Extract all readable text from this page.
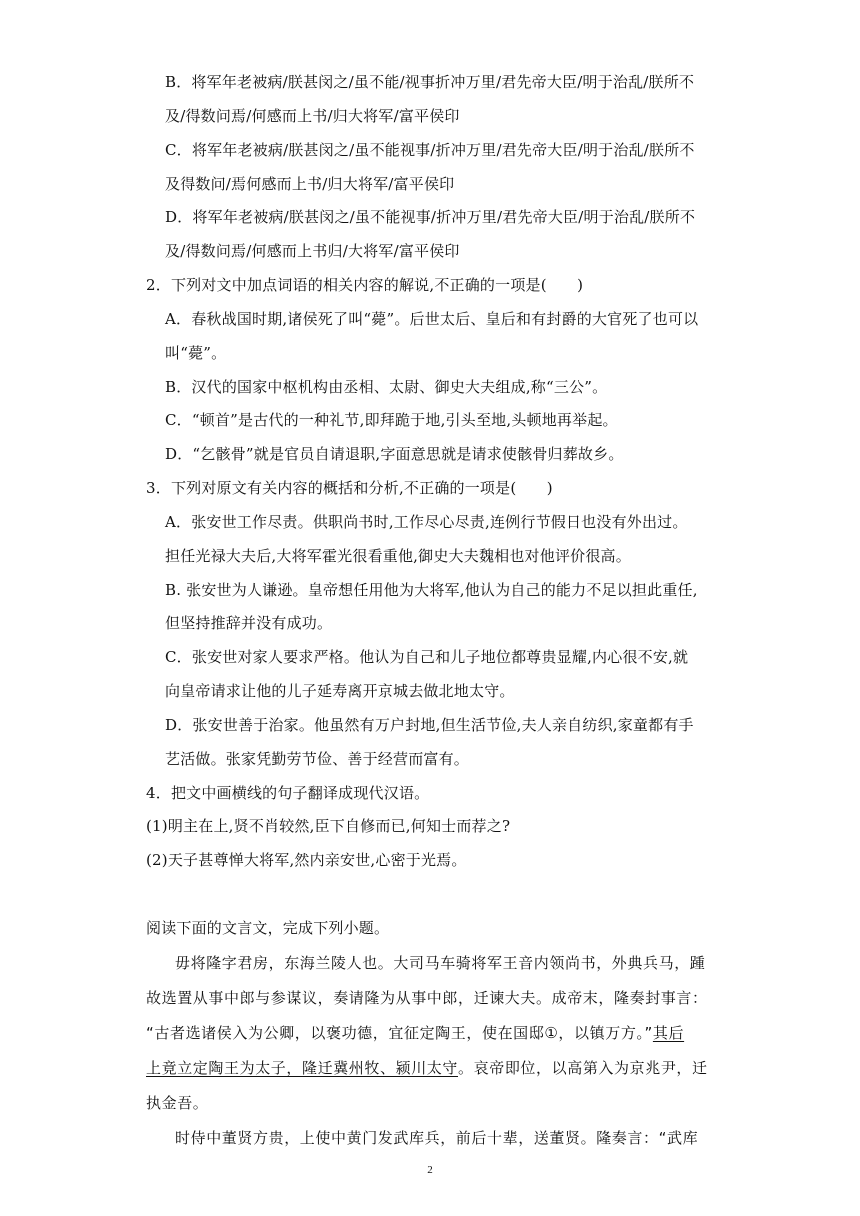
B．将军年老被病/朕甚闵之/虽不能/视事折冲万里/君先帝大臣/明于治乱/朕所不
及/得数问焉/何感而上书/归大将军/富平侯印
C．将军年老被病/朕甚闵之/虽不能视事/折冲万里/君先帝大臣/明于治乱/朕所不
及得数问/焉何感而上书/归大将军/富平侯印
D．将军年老被病/朕甚闵之/虽不能视事/折冲万里/君先帝大臣/明于治乱/朕所不
及/得数问焉/何感而上书归/大将军/富平侯印
2．下列对文中加点词语的相关内容的解说,不正确的一项是(　　)
A．春秋战国时期,诸侯死了叫“薨”。后世太后、皇后和有封爵的大官死了也可以
叫“薨”。
B．汉代的国家中枢机构由丞相、太尉、御史大夫组成,称“三公”。
C．“顿首”是古代的一种礼节,即拜跪于地,引头至地,头顿地再举起。
D．“乞骸骨”就是官员自请退职,字面意思就是请求使骸骨归葬故乡。
3．下列对原文有关内容的概括和分析,不正确的一项是(　　)
A．张安世工作尽责。供职尚书时,工作尽心尽责,连例行节假日也没有外出过。
担任光禄大夫后,大将军霍光很看重他,御史大夫魏相也对他评价很高。
B. 张安世为人谦逊。皇帝想任用他为大将军,他认为自己的能力不足以担此重任,
但坚持推辞并没有成功。
C．张安世对家人要求严格。他认为自己和儿子地位都尊贵显耀,内心很不安,就
向皇帝请求让他的儿子延寿离开京城去做北地太守。
D．张安世善于治家。他虽然有万户封地,但生活节俭,夫人亲自纺织,家童都有手
艺活做。张家凭勤劳节俭、善于经营而富有。
4．把文中画横线的句子翻译成现代汉语。
(1)明主在上,贤不肖较然,臣下自修而已,何知士而荐之?
(2)天子甚尊惮大将军,然内亲安世,心密于光焉。
阅读下面的文言文，完成下列小题。
毋将隆字君房，东海兰陵人也。大司马车骑将军王音内领尚书，外典兵马，踵
故选置从事中郎与参谋议，奏请隆为从事中郎，迁谏大夫。成帝末，隆奏封事言：
“古者选诸侯入为公卿，以褒功德，宜征定陶王，使在国邸①，以镇万方。”其后
上竟立定陶王为太子，隆迁冀州牧、颍川太守。哀帝即位，以高第入为京兆尹，迁
执金吾。
时侍中董贤方贵，上使中黄门发武库兵，前后十辈，送董贤。隆奏言：“武库
2
